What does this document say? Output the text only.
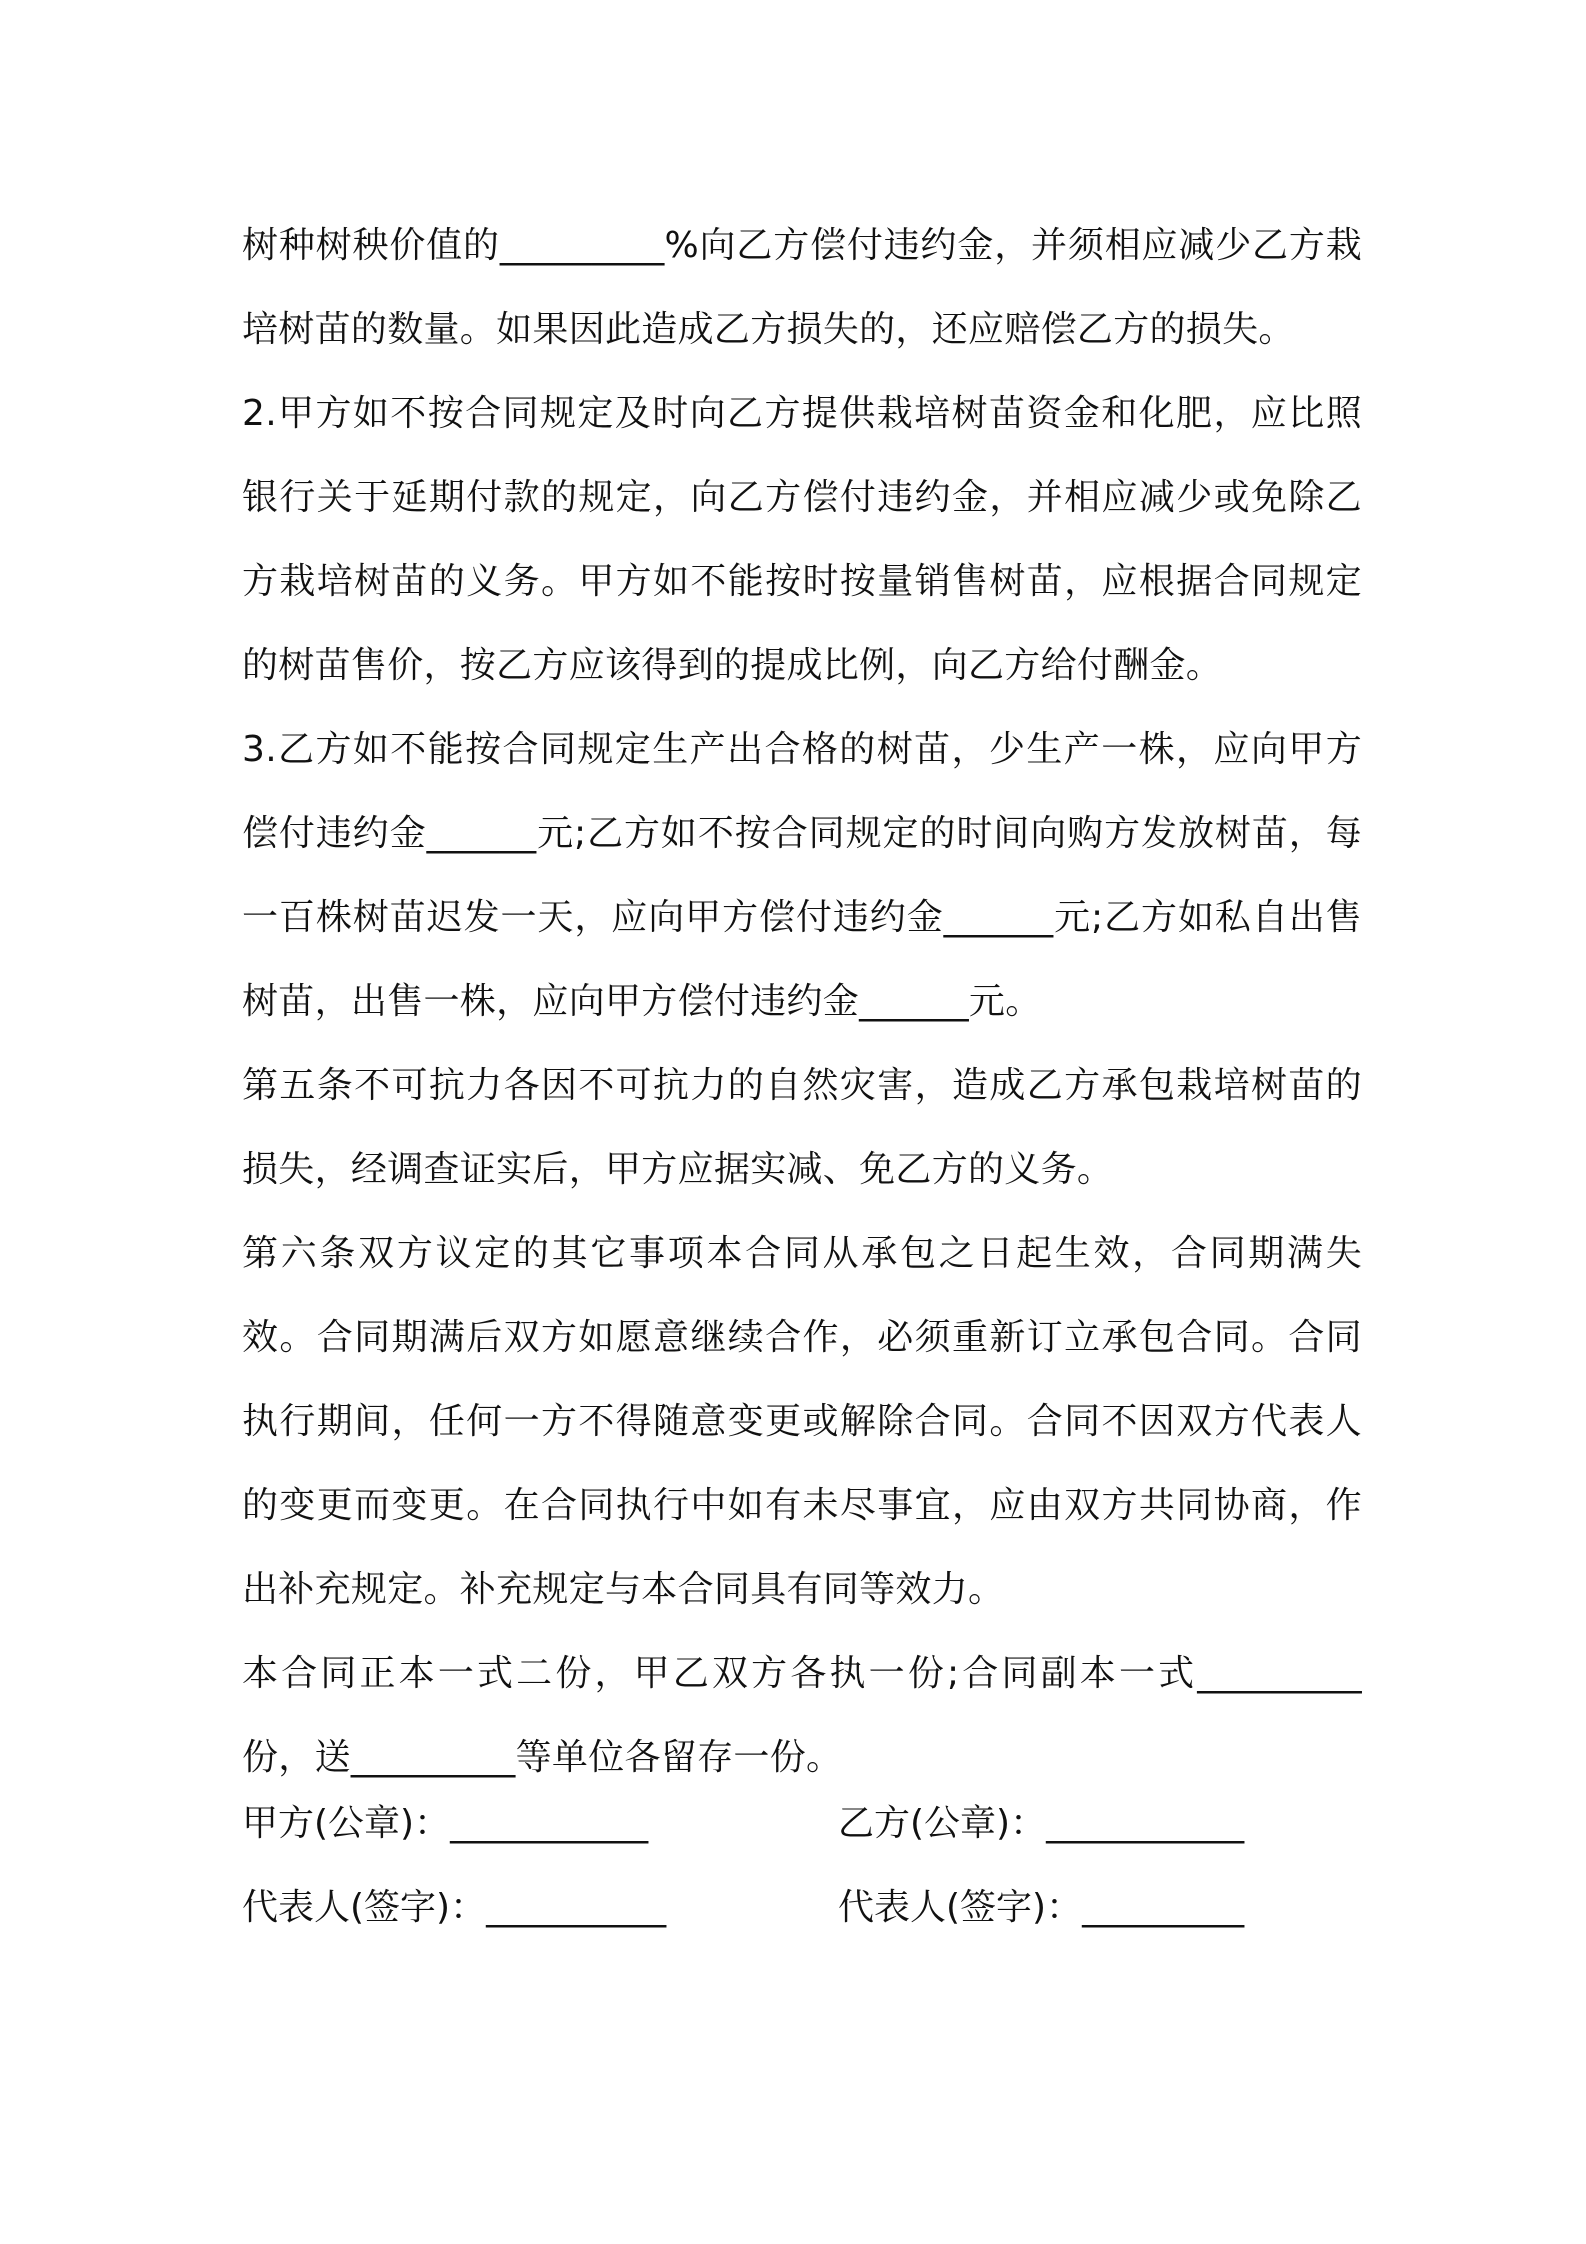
树种树秧价值的_________%向乙方偿付违约金，并须相应减少乙方栽培树苗的数量。如果因此造成乙方损失的，还应赔偿乙方的损失。

2.甲方如不按合同规定及时向乙方提供栽培树苗资金和化肥，应比照银行关于延期付款的规定，向乙方偿付违约金，并相应减少或免除乙方栽培树苗的义务。甲方如不能按时按量销售树苗，应根据合同规定的树苗售价，按乙方应该得到的提成比例，向乙方给付酬金。

3.乙方如不能按合同规定生产出合格的树苗，少生产一株，应向甲方偿付违约金______元;乙方如不按合同规定的时间向购方发放树苗，每一百株树苗迟发一天，应向甲方偿付违约金______元;乙方如私自出售树苗，出售一株，应向甲方偿付违约金______元。

第五条不可抗力各因不可抗力的自然灾害，造成乙方承包栽培树苗的损失，经调查证实后，甲方应据实减、免乙方的义务。

第六条双方议定的其它事项本合同从承包之日起生效，合同期满失效。合同期满后双方如愿意继续合作，必须重新订立承包合同。合同执行期间，任何一方不得随意变更或解除合同。合同不因双方代表人的变更而变更。在合同执行中如有未尽事宜，应由双方共同协商，作出补充规定。补充规定与本合同具有同等效力。

本合同正本一式二份，甲乙双方各执一份;合同副本一式_________份，送_________等单位各留存一份。

甲方(公章)：___________	乙方(公章)：___________
代表人(签字)：__________	代表人(签字)：_________
